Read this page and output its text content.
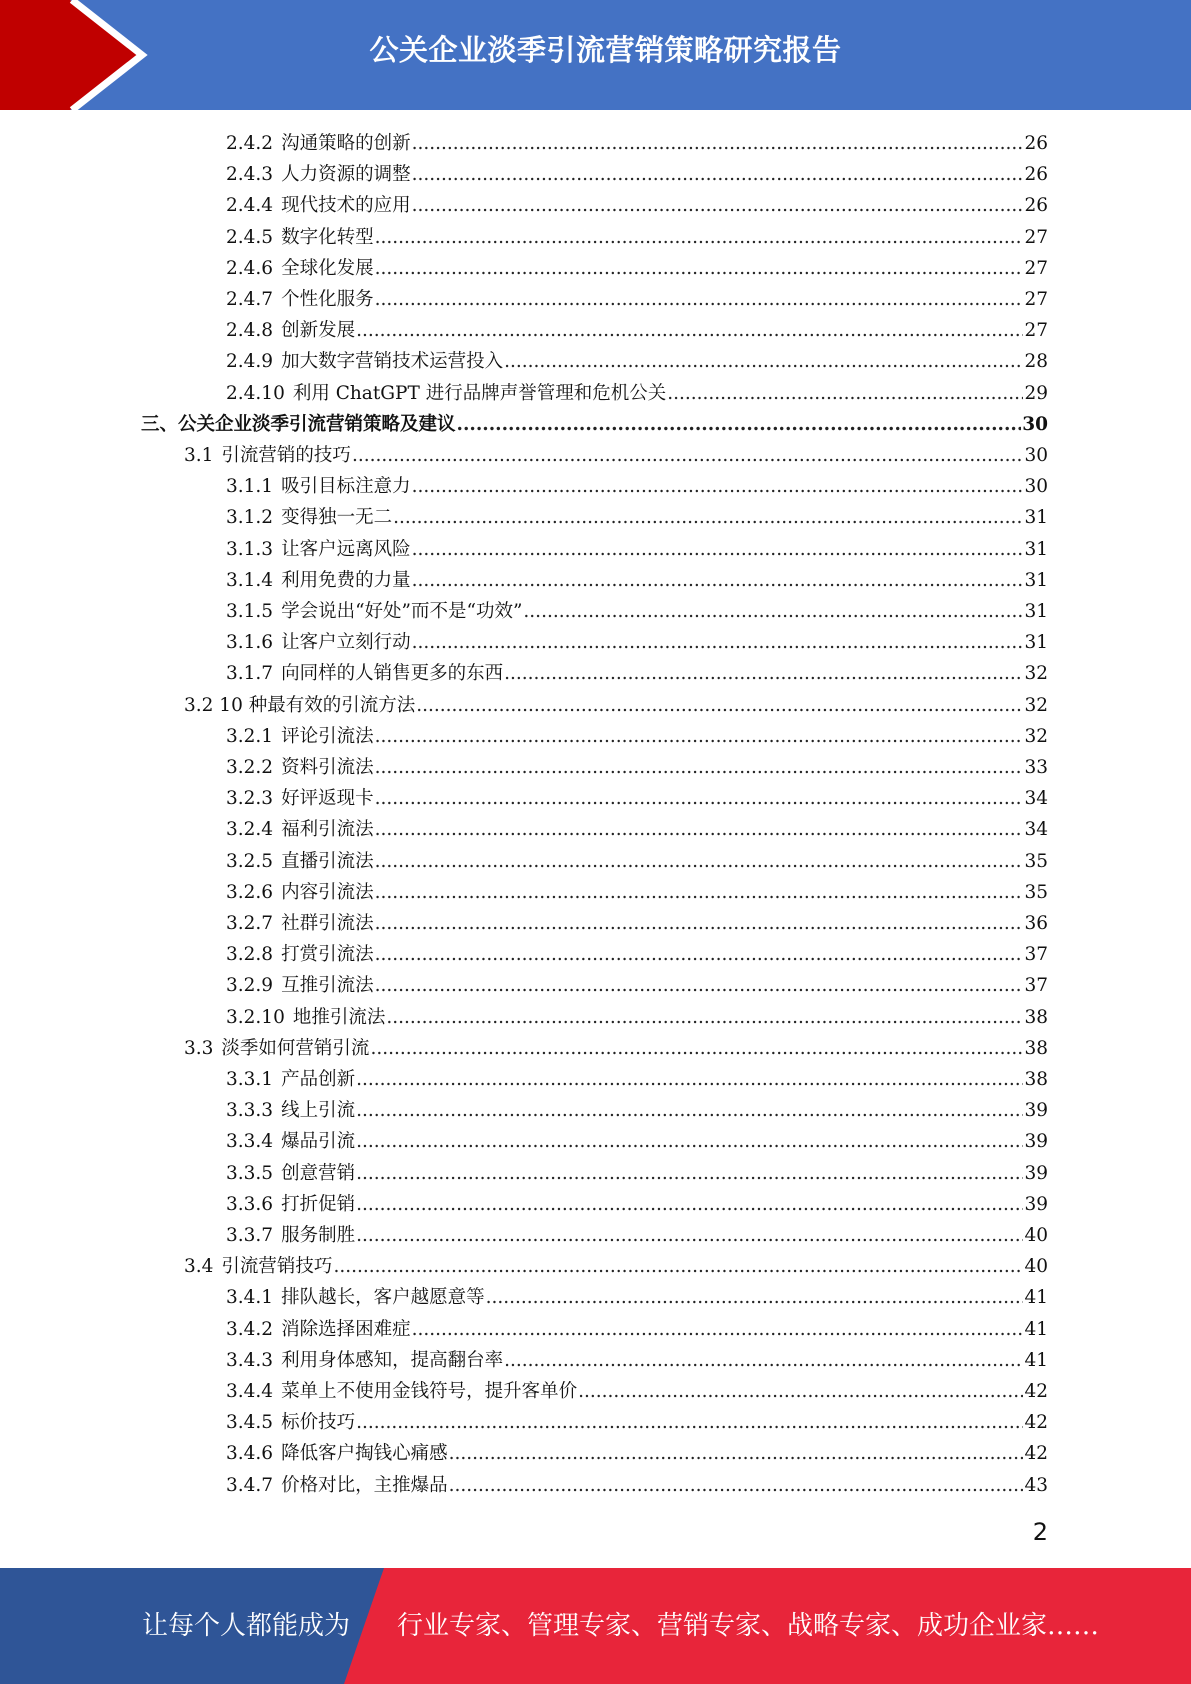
公关企业淡季引流营销策略研究报告
2.4.2 沟通策略的创新 .....	26
2.4.3 人力资源的调整 .....	26
2.4.4 现代技术的应用 .....	26
2.4.5 数字化转型 .....	27
2.4.6 全球化发展 .....	27
2.4.7 个性化服务 .....	27
2.4.8 创新发展 .....	27
2.4.9 加大数字营销技术运营投入 .....	28
2.4.10 利用 ChatGPT 进行品牌声誉管理和危机公关 .....	29
三、公关企业淡季引流营销策略及建议 .....	30
3.1 引流营销的技巧 .....	30
3.1.1 吸引目标注意力 .....	30
3.1.2 变得独一无二 .....	31
3.1.3 让客户远离风险 .....	31
3.1.4 利用免费的力量 .....	31
3.1.5 学会说出“好处”而不是“功效” .....	31
3.1.6 让客户立刻行动 .....	31
3.1.7 向同样的人销售更多的东西 .....	32
3.2 10 种最有效的引流方法 .....	32
3.2.1 评论引流法 .....	32
3.2.2 资料引流法 .....	33
3.2.3 好评返现卡 .....	34
3.2.4 福利引流法 .....	34
3.2.5 直播引流法 .....	35
3.2.6 内容引流法 .....	35
3.2.7 社群引流法 .....	36
3.2.8 打赏引流法 .....	37
3.2.9 互推引流法 .....	37
3.2.10 地推引流法 .....	38
3.3 淡季如何营销引流 .....	38
3.3.1 产品创新 .....	38
3.3.3 线上引流 .....	39
3.3.4 爆品引流 .....	39
3.3.5 创意营销 .....	39
3.3.6 打折促销 .....	39
3.3.7 服务制胜 .....	40
3.4 引流营销技巧 .....	40
3.4.1 排队越长，客户越愿意等 .....	41
3.4.2 消除选择困难症 .....	41
3.4.3 利用身体感知，提高翻台率 .....	41
3.4.4 菜单上不使用金钱符号，提升客单价 .....	42
3.4.5 标价技巧 .....	42
3.4.6 降低客户掏钱心痛感 .....	42
3.4.7 价格对比，主推爆品 .....	43
2
让每个人都能成为 行业专家、管理专家、营销专家、战略专家、成功企业家……
